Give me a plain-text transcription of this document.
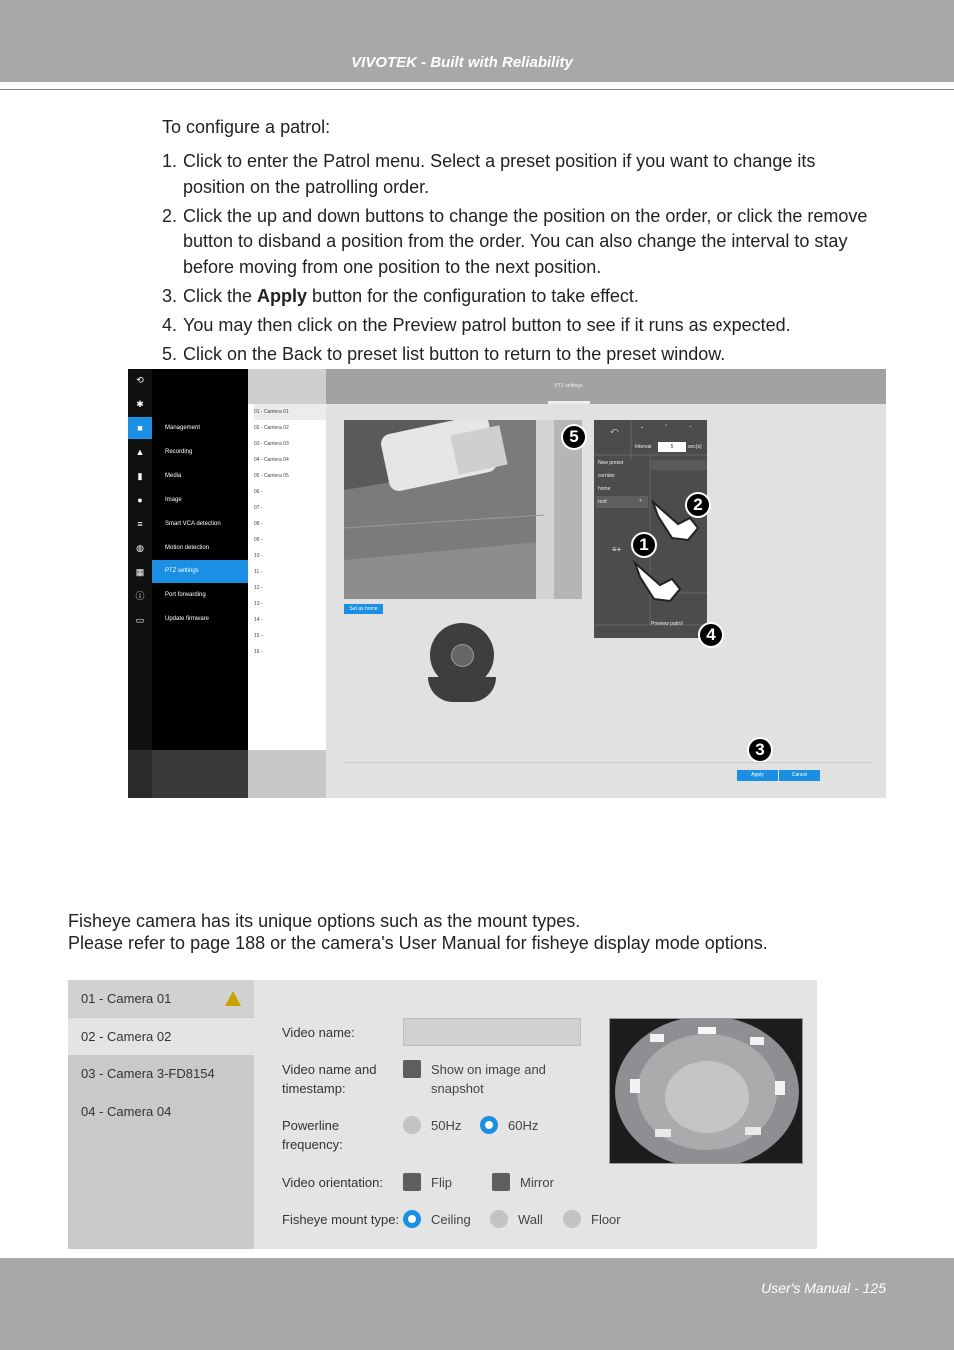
VIVOTEK - Built with Reliability
To configure a patrol:
1. Click to enter the Patrol menu. Select a preset position if you want to change its position on the patrolling order.
2. Click the up and down buttons to change the position on the order, or click the remove button to disband a position from the order. You can also change the interval to stay before moving from one position to the next position.
3. Click the Apply button for the configuration to take effect.
4. You may then click on the Preview patrol button to see if it runs as expected.
5. Click on the Back to preset list button to return to the preset window.
⟲
✱
■
▲
▮
●
≡
◍
▦
ⓘ
▭
Management
Recording
Media
Image
Smart VCA detection
Motion detection
PTZ settings
Port forwarding
Update firmware
01 - Camera 01
02 - Camera 02
03 - Camera 03
04 - Camera 04
05 - Camera 05
06 -
07 -
08 -
09 -
10 -
11 -
12 -
13 -
14 -
15 -
16 -
PTZ settings
Set as home
⤺	⌄	⌃	−
Interval	5	sec(s)
New preset
corridor
home
roof	+
≡+
Preview patrol
1
2
3
4
5
Apply	Cancel
Fisheye camera has its unique options such as the mount types.
Please refer to page 188 or the camera's User Manual for fisheye display mode options.
01 - Camera 01
02 - Camera 02
03 - Camera 3-FD8154
04 - Camera 04
Video name:
Video name and
timestamp:
Show on image and
snapshot
Powerline
frequency:
50Hz	60Hz
Video orientation:	Flip	Mirror
Fisheye mount type: Ceiling	Wall	Floor
User's Manual - 125
